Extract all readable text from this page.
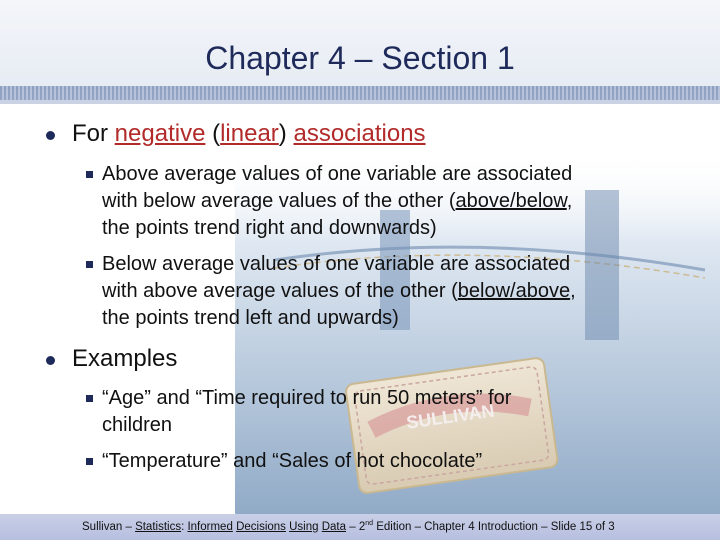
SULLIVAN
Chapter 4 – Section 1
For negative (linear) associations
Above average values of one variable are associated
with below average values of the other (above/below,
the points trend right and downwards)
Below average values of one variable are associated
with above average values of the other (below/above,
the points trend left and upwards)
Examples
“Age” and “Time required to run 50 meters” for
children
“Temperature” and “Sales of hot chocolate”
Sullivan – Statistics: Informed Decisions Using Data – 2nd Edition – Chapter 4 Introduction – Slide 15 of 3
